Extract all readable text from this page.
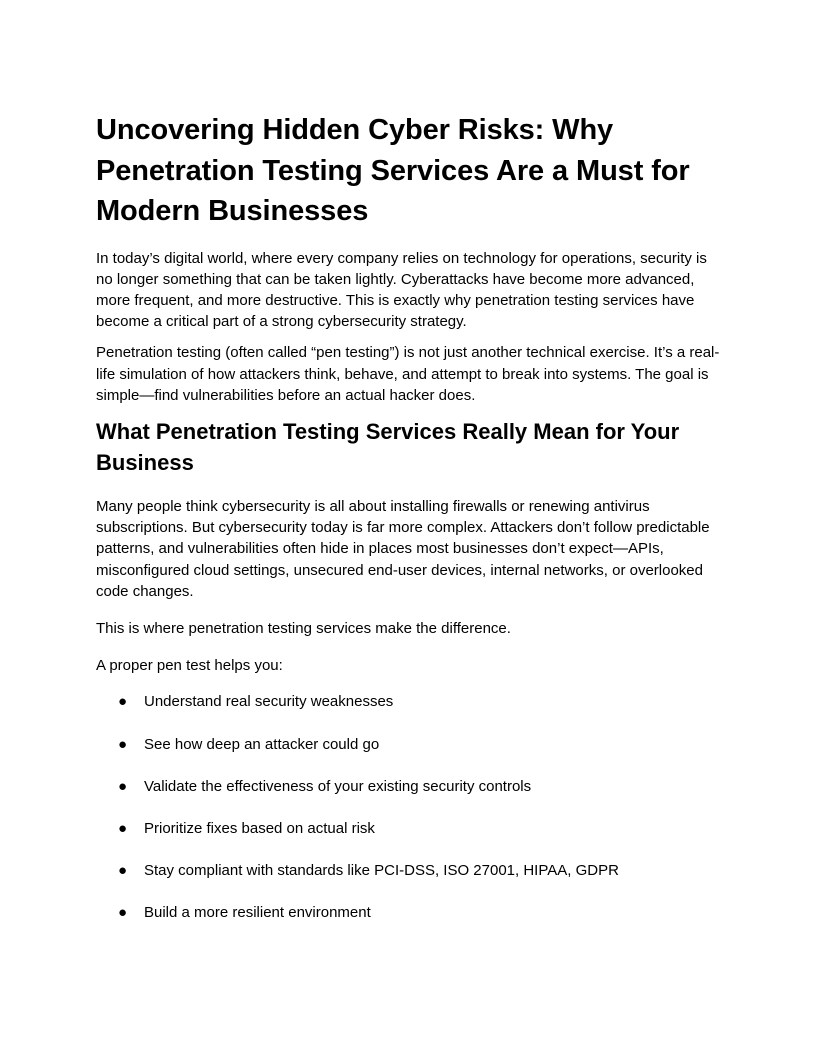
Uncovering Hidden Cyber Risks: Why Penetration Testing Services Are a Must for Modern Businesses

In today’s digital world, where every company relies on technology for operations, security is no longer something that can be taken lightly. Cyberattacks have become more advanced, more frequent, and more destructive. This is exactly why penetration testing services have become a critical part of a strong cybersecurity strategy.

Penetration testing (often called “pen testing”) is not just another technical exercise. It’s a real-life simulation of how attackers think, behave, and attempt to break into systems. The goal is simple—find vulnerabilities before an actual hacker does.

What Penetration Testing Services Really Mean for Your Business

Many people think cybersecurity is all about installing firewalls or renewing antivirus subscriptions. But cybersecurity today is far more complex. Attackers don’t follow predictable patterns, and vulnerabilities often hide in places most businesses don’t expect—APIs, misconfigured cloud settings, unsecured end-user devices, internal networks, or overlooked code changes.

This is where penetration testing services make the difference.

A proper pen test helps you:

● Understand real security weaknesses
● See how deep an attacker could go
● Validate the effectiveness of your existing security controls
● Prioritize fixes based on actual risk
● Stay compliant with standards like PCI-DSS, ISO 27001, HIPAA, GDPR
● Build a more resilient environment
